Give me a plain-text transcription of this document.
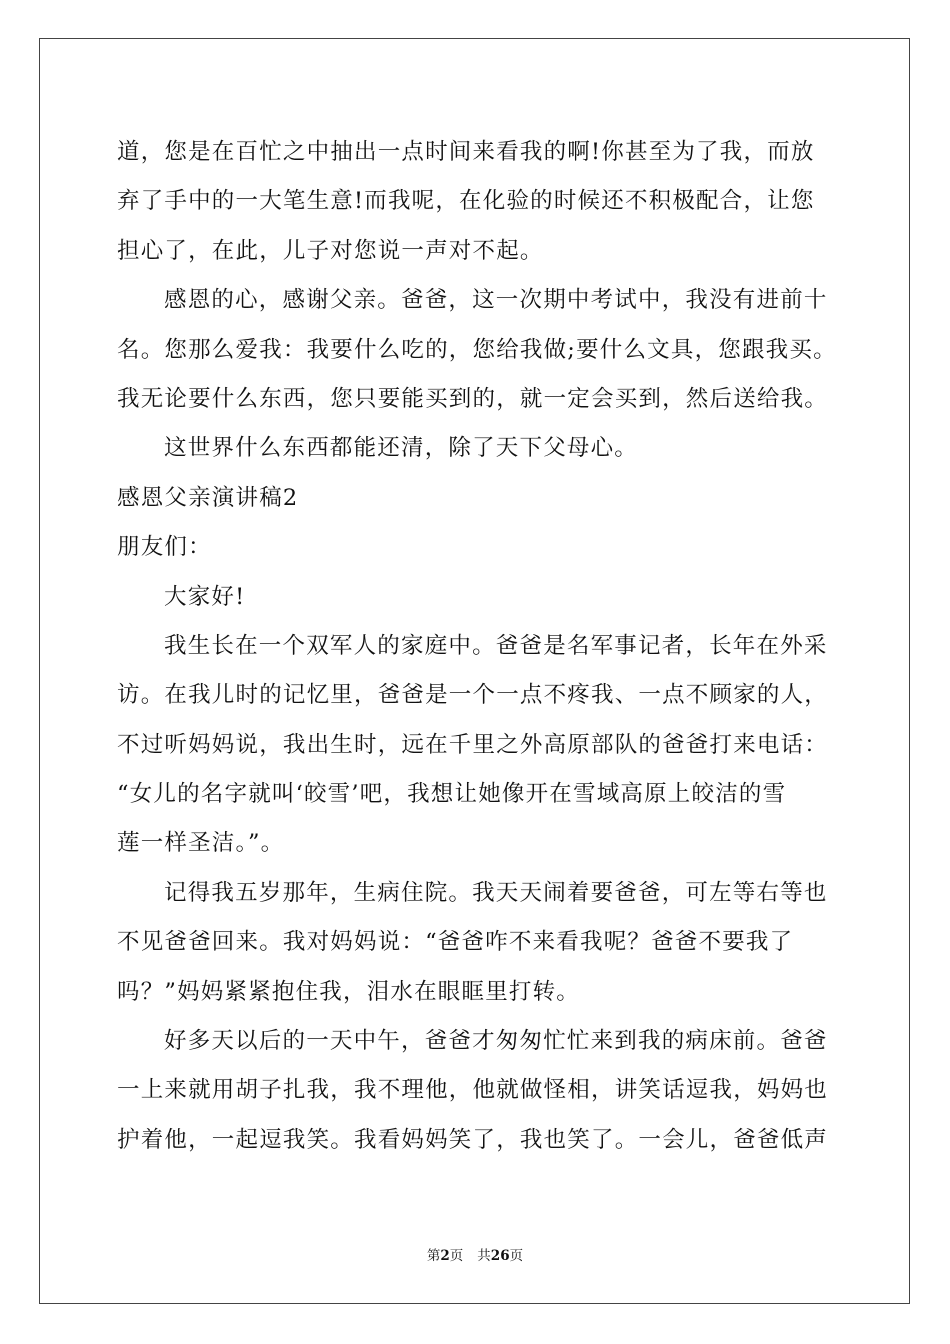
道，您是在百忙之中抽出一点时间来看我的啊!你甚至为了我，而放
弃了手中的一大笔生意!而我呢，在化验的时候还不积极配合，让您
担心了，在此，儿子对您说一声对不起。
感恩的心，感谢父亲。爸爸，这一次期中考试中，我没有进前十
名。您那么爱我：我要什么吃的，您给我做;要什么文具，您跟我买。
我无论要什么东西，您只要能买到的，就一定会买到，然后送给我。
这世界什么东西都能还清，除了天下父母心。
感恩父亲演讲稿2
朋友们：
大家好!
我生长在一个双军人的家庭中。爸爸是名军事记者，长年在外采
访。在我儿时的记忆里，爸爸是一个一点不疼我、一点不顾家的人，
不过听妈妈说，我出生时，远在千里之外高原部队的爸爸打来电话：
“女儿的名字就叫‘皎雪’吧，我想让她像开在雪域高原上皎洁的雪
莲一样圣洁。”。
记得我五岁那年，生病住院。我天天闹着要爸爸，可左等右等也
不见爸爸回来。我对妈妈说：“爸爸咋不来看我呢？爸爸不要我了
吗？”妈妈紧紧抱住我，泪水在眼眶里打转。
好多天以后的一天中午，爸爸才匆匆忙忙来到我的病床前。爸爸
一上来就用胡子扎我，我不理他，他就做怪相，讲笑话逗我，妈妈也
护着他，一起逗我笑。我看妈妈笑了，我也笑了。一会儿，爸爸低声
第2页 共26页
